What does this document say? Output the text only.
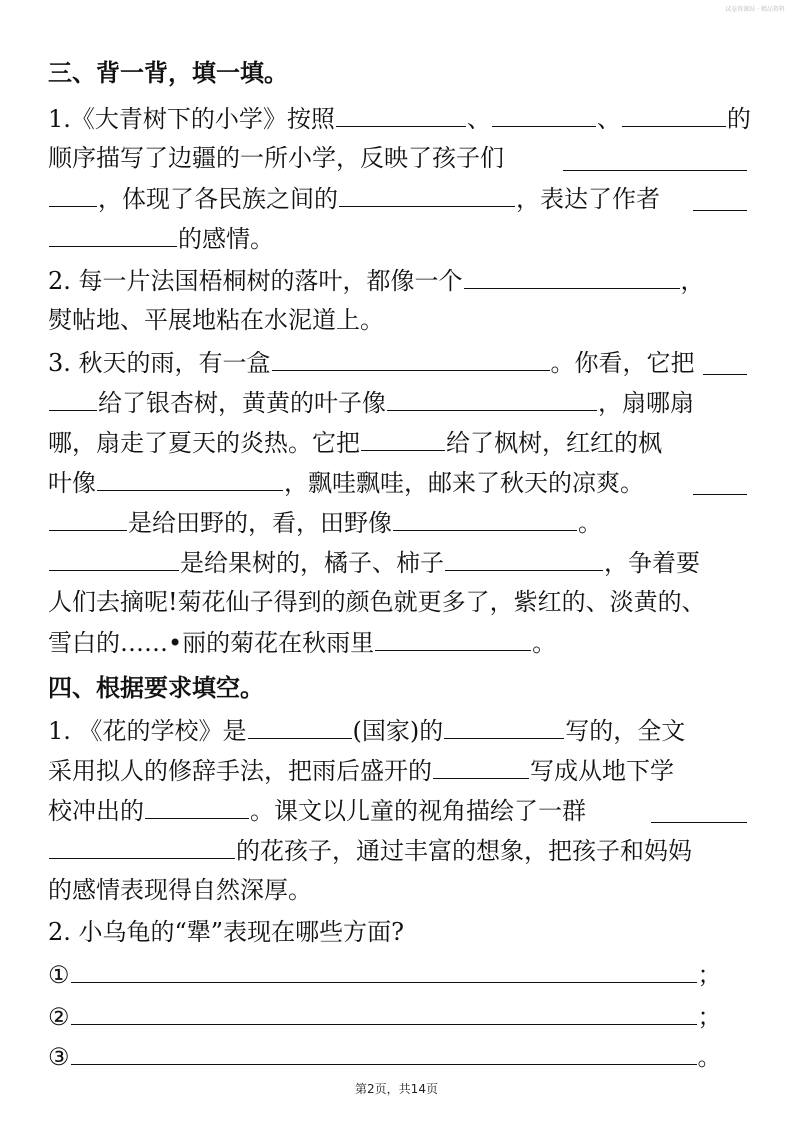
试卷资源站 · 精品资料
三、背一背，填一填。
1.《大青树下的小学》按照	、	、	的
顺序描写了边疆的一所小学，反映了孩子们
，体现了各民族之间的	，表达了作者
的感情。
2. 每一片法国梧桐树的落叶，都像一个	，
熨帖地、平展地粘在水泥道上。
3. 秋天的雨，有一盒	。你看，它把
给了银杏树，黄黄的叶子像	，扇哪扇
哪，扇走了夏天的炎热。它把	给了枫树，红红的枫
叶像	，飘哇飘哇，邮来了秋天的凉爽。
是给田野的，看，田野像	。
是给果树的，橘子、柿子	，争着要
人们去摘呢!菊花仙子得到的颜色就更多了，紫红的、淡黄的、
雪白的……•丽的菊花在秋雨里	。
四、根据要求填空。
1. 《花的学校》是	(国家)的	写的，全文
采用拟人的修辞手法，把雨后盛开的	写成从地下学
校冲出的	。课文以儿童的视角描绘了一群
的花孩子，通过丰富的想象，把孩子和妈妈
的感情表现得自然深厚。
2. 小乌龟的“犟”表现在哪些方面?
①	；
②	；
③	。
第2页，共14页
